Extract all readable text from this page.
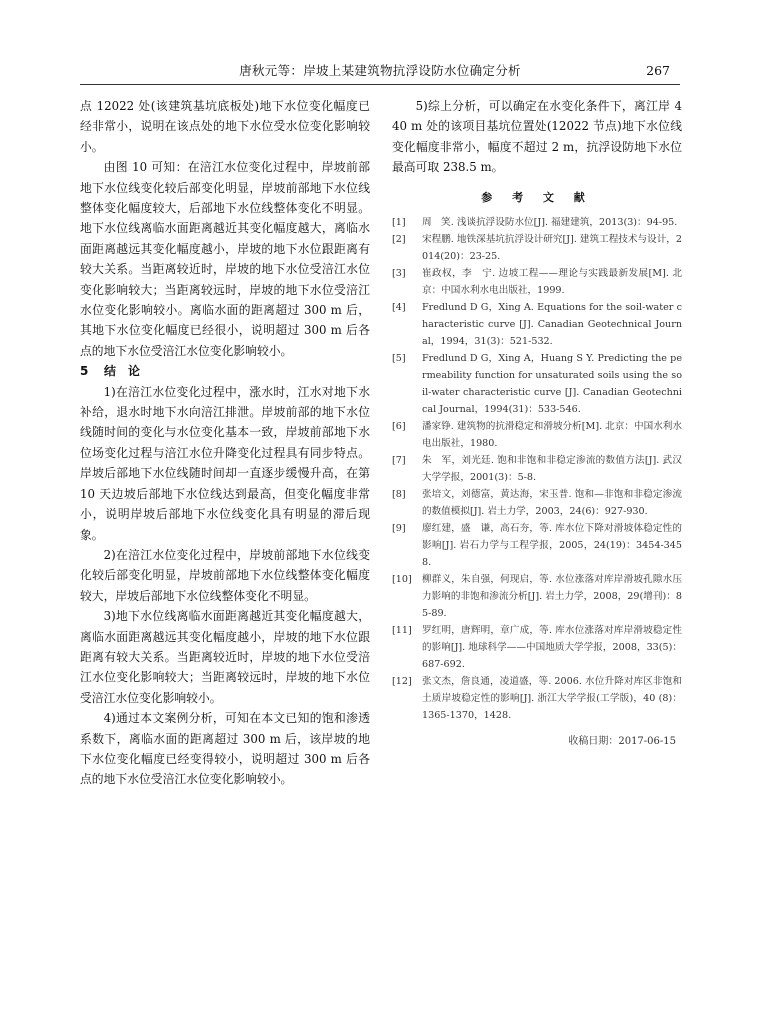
唐秋元等：岸坡上某建筑物抗浮设防水位确定分析	267

点 12022 处(该建筑基坑底板处)地下水位变化幅度已经非常小，说明在该点处的地下水位受水位变化影响较小。

由图 10 可知：在涪江水位变化过程中，岸坡前部地下水位线变化较后部变化明显，岸坡前部地下水位线整体变化幅度较大，后部地下水位线整体变化不明显。地下水位线离临水面距离越近其变化幅度越大，离临水面距离越远其变化幅度越小，岸坡的地下水位跟距离有较大关系。当距离较近时，岸坡的地下水位受涪江水位变化影响较大；当距离较远时，岸坡的地下水位受涪江水位变化影响较小。离临水面的距离超过 300 m 后，其地下水位变化幅度已经很小，说明超过 300 m 后各点的地下水位受涪江水位变化影响较小。

5 结　论

1)在涪江水位变化过程中，涨水时，江水对地下水补给，退水时地下水向涪江排泄。岸坡前部的地下水位线随时间的变化与水位变化基本一致，岸坡前部地下水位场变化过程与涪江水位升降变化过程具有同步特点。岸坡后部地下水位线随时间却一直逐步缓慢升高，在第 10 天边坡后部地下水位线达到最高，但变化幅度非常小，说明岸坡后部地下水位线变化具有明显的滞后现象。

2)在涪江水位变化过程中，岸坡前部地下水位线变化较后部变化明显，岸坡前部地下水位线整体变化幅度较大，岸坡后部地下水位线整体变化不明显。

3)地下水位线离临水面距离越近其变化幅度越大，离临水面距离越远其变化幅度越小，岸坡的地下水位跟距离有较大关系。当距离较近时，岸坡的地下水位受涪江水位变化影响较大；当距离较远时，岸坡的地下水位受涪江水位变化影响较小。

4)通过本文案例分析，可知在本文已知的饱和渗透系数下，离临水面的距离超过 300 m 后，该岸坡的地下水位变化幅度已经变得较小，说明超过 300 m 后各点的地下水位受涪江水位变化影响较小。

5)综上分析，可以确定在水变化条件下，离江岸 440 m 处的该项目基坑位置处(12022 节点)地下水位线变化幅度非常小，幅度不超过 2 m，抗浮设防地下水位最高可取 238.5 m。

参 考 文 献
[1]	周　笑. 浅谈抗浮设防水位[J]. 福建建筑，2013(3)：94-95.
[2]	宋程鹏. 地铁深基坑抗浮设计研究[J]. 建筑工程技术与设计，2014(20)：23-25.
[3]	崔政权，李　宁. 边坡工程——理论与实践最新发展[M]. 北京：中国水利水电出版社，1999.
[4]	Fredlund D G，Xing A. Equations for the soil-water characteristic curve [J]. Canadian Geotechnical Journal，1994，31(3)：521-532.
[5]	Fredlund D G，Xing A，Huang S Y. Predicting the permeability function for unsaturated soils using the soil-water characteristic curve [J]. Canadian Geotechnical Journal，1994(31)：533-546.
[6]	潘家铮. 建筑物的抗滑稳定和滑坡分析[M]. 北京：中国水利水电出版社，1980.
[7]	朱　军，刘光廷. 饱和非饱和非稳定渗流的数值方法[J]. 武汉大学学报，2001(3)：5-8.
[8]	张培文，刘德富，黄达海，宋玉普. 饱和—非饱和非稳定渗流的数值模拟[J]. 岩土力学，2003，24(6)：927-930.
[9]	廖红建，盛　谦，高石夯，等. 库水位下降对滑坡体稳定性的影响[J]. 岩石力学与工程学报，2005，24(19)：3454-3458.
[10]	柳群义，朱自强，何现启，等. 水位涨落对库岸滑坡孔隙水压力影响的非饱和渗流分析[J]. 岩土力学，2008，29(增刊)：85-89.
[11]	罗红明，唐辉明，章广成，等. 库水位涨落对库岸滑坡稳定性的影响[J]. 地球科学——中国地质大学学报，2008，33(5)：687-692.
[12]	张文杰，詹良通，凌道盛，等. 2006. 水位升降对库区非饱和土质岸坡稳定性的影响[J]. 浙江大学学报(工学版)，40 (8)：1365-1370，1428.
收稿日期：2017-06-15
